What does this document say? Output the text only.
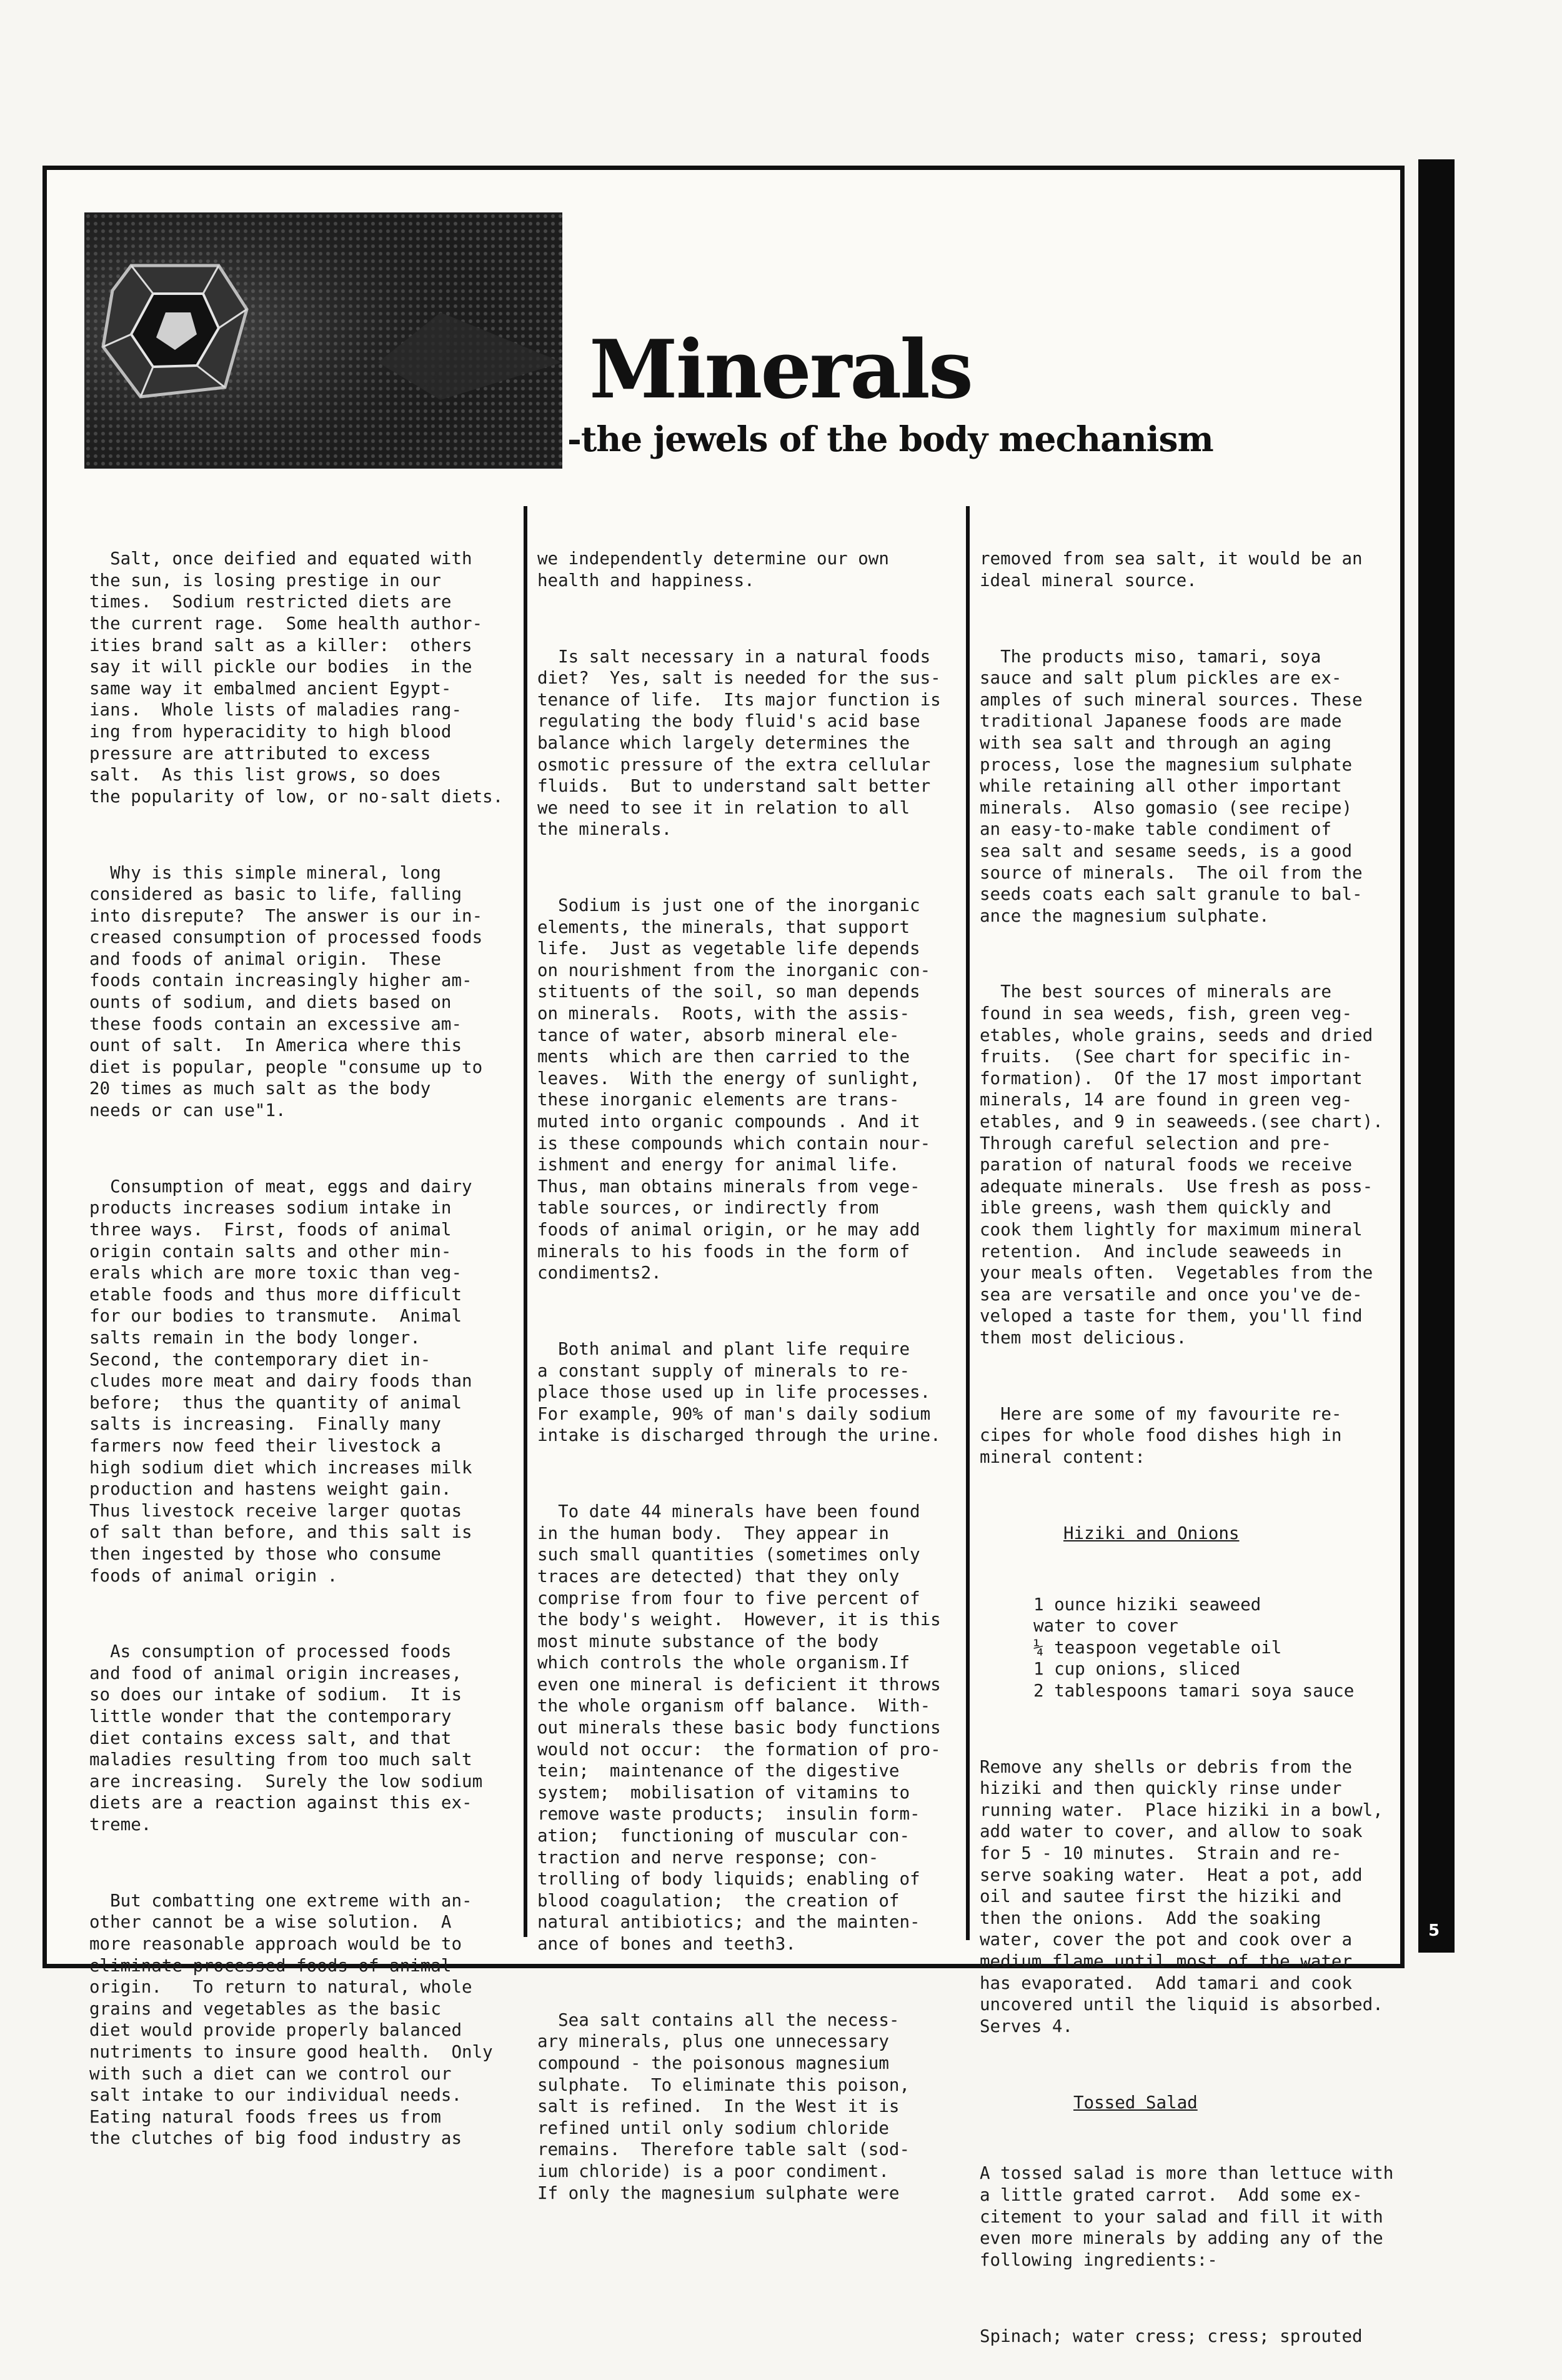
5
Minerals
-the jewels of the body mechanism

Salt, once deified and equated with
the sun, is losing prestige in our
times.  Sodium restricted diets are
the current rage.  Some health author-
ities brand salt as a killer:  others
say it will pickle our bodies  in the
same way it embalmed ancient Egypt-
ians.  Whole lists of maladies rang-
ing from hyperacidity to high blood
pressure are attributed to excess
salt.  As this list grows, so does
the popularity of low, or no-salt diets.

Why is this simple mineral, long
considered as basic to life, falling
into disrepute?  The answer is our in-
creased consumption of processed foods
and foods of animal origin.  These
foods contain increasingly higher am-
ounts of sodium, and diets based on
these foods contain an excessive am-
ount of salt.  In America where this
diet is popular, people "consume up to
20 times as much salt as the body
needs or can use"1.

Consumption of meat, eggs and dairy
products increases sodium intake in
three ways.  First, foods of animal
origin contain salts and other min-
erals which are more toxic than veg-
etable foods and thus more difficult
for our bodies to transmute.  Animal
salts remain in the body longer.
Second, the contemporary diet in-
cludes more meat and dairy foods than
before;  thus the quantity of animal
salts is increasing.  Finally many
farmers now feed their livestock a
high sodium diet which increases milk
production and hastens weight gain.
Thus livestock receive larger quotas
of salt than before, and this salt is
then ingested by those who consume
foods of animal origin .

As consumption of processed foods
and food of animal origin increases,
so does our intake of sodium.  It is
little wonder that the contemporary
diet contains excess salt, and that
maladies resulting from too much salt
are increasing.  Surely the low sodium
diets are a reaction against this ex-
treme.

But combatting one extreme with an-
other cannot be a wise solution.  A
more reasonable approach would be to
eliminate processed foods of animal
origin.   To return to natural, whole
grains and vegetables as the basic
diet would provide properly balanced
nutriments to insure good health.  Only
with such a diet can we control our
salt intake to our individual needs.
Eating natural foods frees us from
the clutches of big food industry as

we independently determine our own
health and happiness.

Is salt necessary in a natural foods
diet?  Yes, salt is needed for the sus-
tenance of life.  Its major function is
regulating the body fluid's acid base
balance which largely determines the
osmotic pressure of the extra cellular
fluids.  But to understand salt better
we need to see it in relation to all
the minerals.

Sodium is just one of the inorganic
elements, the minerals, that support
life.  Just as vegetable life depends
on nourishment from the inorganic con-
stituents of the soil, so man depends
on minerals.  Roots, with the assis-
tance of water, absorb mineral ele-
ments  which are then carried to the
leaves.  With the energy of sunlight,
these inorganic elements are trans-
muted into organic compounds . And it
is these compounds which contain nour-
ishment and energy for animal life.
Thus, man obtains minerals from vege-
table sources, or indirectly from
foods of animal origin, or he may add
minerals to his foods in the form of
condiments2.

Both animal and plant life require
a constant supply of minerals to re-
place those used up in life processes.
For example, 90% of man's daily sodium
intake is discharged through the urine.

To date 44 minerals have been found
in the human body.  They appear in
such small quantities (sometimes only
traces are detected) that they only
comprise from four to five percent of
the body's weight.  However, it is this
most minute substance of the body
which controls the whole organism.If
even one mineral is deficient it throws
the whole organism off balance.  With-
out minerals these basic body functions
would not occur:  the formation of pro-
tein;  maintenance of the digestive
system;  mobilisation of vitamins to
remove waste products;  insulin form-
ation;  functioning of muscular con-
traction and nerve response; con-
trolling of body liquids; enabling of
blood coagulation;  the creation of
natural antibiotics; and the mainten-
ance of bones and teeth3.

Sea salt contains all the necess-
ary minerals, plus one unnecessary
compound - the poisonous magnesium
sulphate.  To eliminate this poison,
salt is refined.  In the West it is
refined until only sodium chloride
remains.  Therefore table salt (sod-
ium chloride) is a poor condiment.
If only the magnesium sulphate were

removed from sea salt, it would be an
ideal mineral source.

The products miso, tamari, soya
sauce and salt plum pickles are ex-
amples of such mineral sources. These
traditional Japanese foods are made
with sea salt and through an aging
process, lose the magnesium sulphate
while retaining all other important
minerals.  Also gomasio (see recipe)
an easy-to-make table condiment of
sea salt and sesame seeds, is a good
source of minerals.  The oil from the
seeds coats each salt granule to bal-
ance the magnesium sulphate.

The best sources of minerals are
found in sea weeds, fish, green veg-
etables, whole grains, seeds and dried
fruits.  (See chart for specific in-
formation).  Of the 17 most important
minerals, 14 are found in green veg-
etables, and 9 in seaweeds.(see chart).
Through careful selection and pre-
paration of natural foods we receive
adequate minerals.  Use fresh as poss-
ible greens, wash them quickly and
cook them lightly for maximum mineral
retention.  And include seaweeds in
your meals often.  Vegetables from the
sea are versatile and once you've de-
veloped a taste for them, you'll find
them most delicious.

Here are some of my favourite re-
cipes for whole food dishes high in
mineral content:

Hiziki and Onions

1 ounce hiziki seaweed
water to cover
¼ teaspoon vegetable oil
1 cup onions, sliced
2 tablespoons tamari soya sauce

Remove any shells or debris from the
hiziki and then quickly rinse under
running water.  Place hiziki in a bowl,
add water to cover, and allow to soak
for 5 - 10 minutes.  Strain and re-
serve soaking water.  Heat a pot, add
oil and sautee first the hiziki and
then the onions.  Add the soaking
water, cover the pot and cook over a
medium flame until most of the water
has evaporated.  Add tamari and cook
uncovered until the liquid is absorbed.
Serves 4.

Tossed Salad

A tossed salad is more than lettuce with
a little grated carrot.  Add some ex-
citement to your salad and fill it with
even more minerals by adding any of the
following ingredients:-

Spinach; water cress; cress; sprouted
